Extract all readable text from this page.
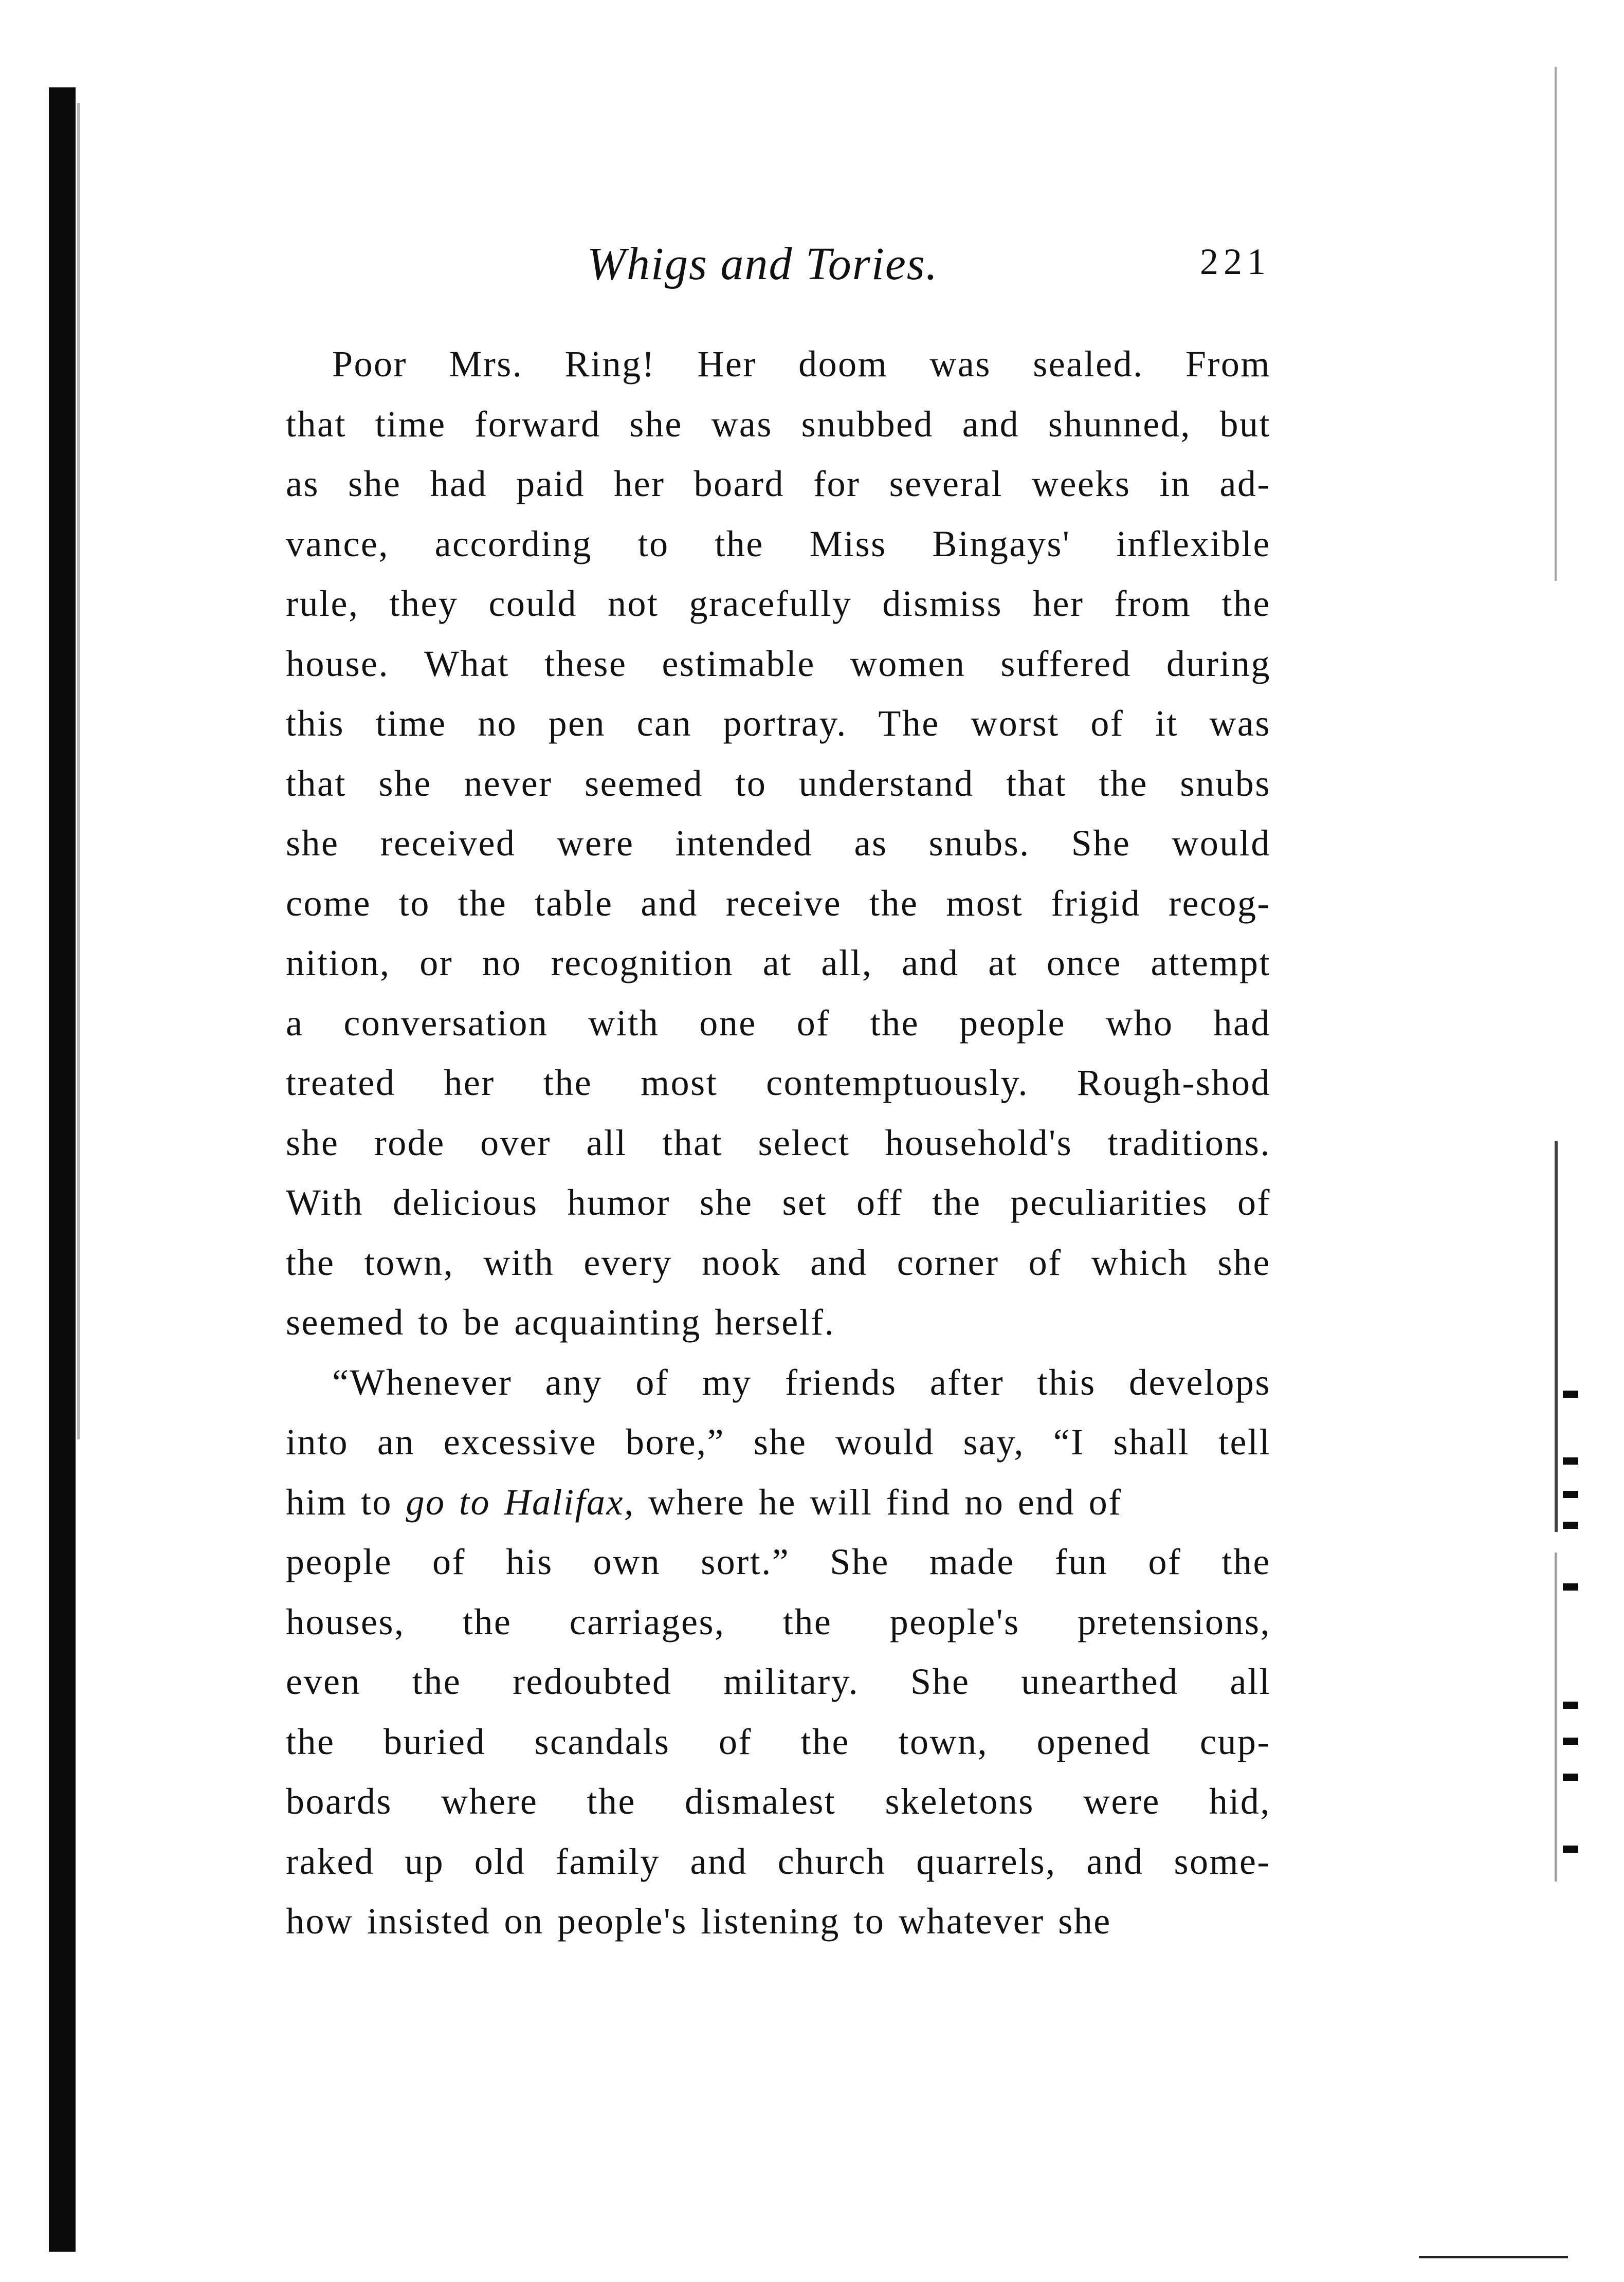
Whigs and Tories.	221
Poor Mrs. Ring! Her doom was sealed. From
that time forward she was snubbed and shunned, but
as she had paid her board for several weeks in ad-
vance, according to the Miss Bingays' inflexible
rule, they could not gracefully dismiss her from the
house. What these estimable women suffered during
this time no pen can portray. The worst of it was
that she never seemed to understand that the snubs
she received were intended as snubs. She would
come to the table and receive the most frigid recog-
nition, or no recognition at all, and at once attempt
a conversation with one of the people who had
treated her the most contemptuously. Rough-shod
she rode over all that select household's traditions.
With delicious humor she set off the peculiarities of
the town, with every nook and corner of which she
seemed to be acquainting herself.
“Whenever any of my friends after this develops
into an excessive bore,” she would say, “I shall tell
him to go to Halifax, where he will find no end of
people of his own sort.” She made fun of the
houses, the carriages, the people's pretensions,
even the redoubted military. She unearthed all
the buried scandals of the town, opened cup-
boards where the dismalest skeletons were hid,
raked up old family and church quarrels, and some-
how insisted on people's listening to whatever she
